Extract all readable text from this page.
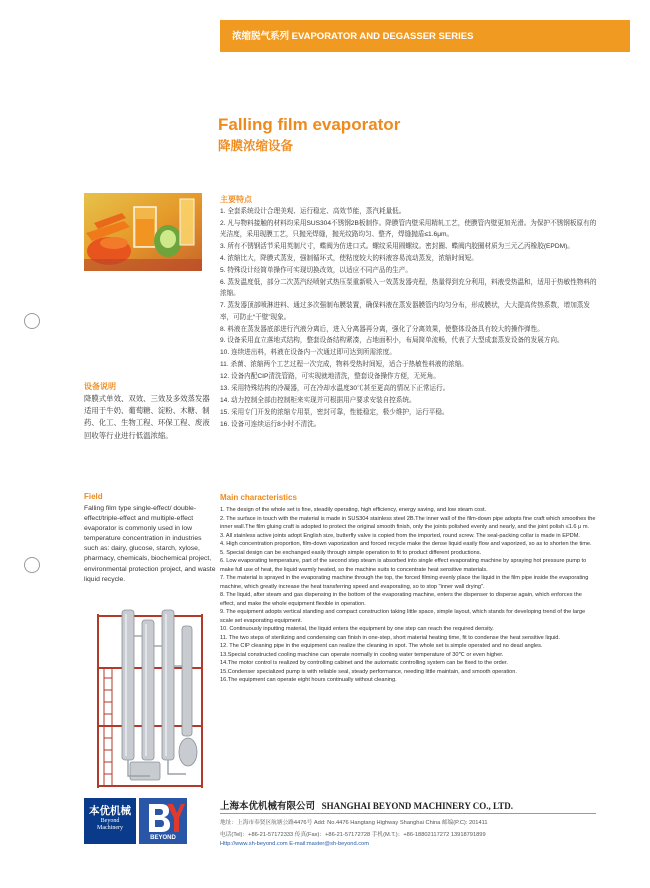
浓缩脱气系列 EVAPORATOR AND DEGASSER SERIES
Falling film evaporator
降膜浓缩设备
主要特点
1. 全套系统设计合理美观、运行稳定、高效节能，蒸汽耗量低。
2. 凡与物料接触的材料均采用SUS304不锈钢2B板制作。降膜管内壁采用精轧工艺，使膜管内壁更加光滑。为保护不锈钢板原有的光洁度，采用现膜工艺，只抛光焊缝，抛光纹路均匀、整齐，焊缝抛盾≤1.6μm。
3. 所有不锈钢活节采用英制尺寸，蝶阀为仿进口式。螺纹采用圆螺纹。密封圈、蝶阀内胶圈材质为三元乙丙橡胶(EPDM)。
4. 浓缩比大，降膜式蒸发，强制循环式，使粘度较大的料液容易流动蒸发，浓缩时间短。
5. 特殊设计经简单操作可实现切换改效，以适应不同产品的生产。
6. 蒸发温度低，部分二次蒸汽经喷射式热压泵重新吸入一效蒸发器壳程，热量得到充分利用，料液受热温和，适用于热敏性物料的浓缩。
7. 蒸发器顶部喷淋进料、通过多次强制布膜装置，确保料液在蒸发器膜管内均匀分布，形成膜状，大大提高传热系数，增加蒸发率，可防止“干壁”现象。
8. 料液在蒸发器底部进行汽液分离后，进入分离器再分离，强化了分离效果，使整体设备具有较大的操作弹性。
9. 设备采用直立落地式结构，整套设备结构紧凑，占地面积小，布局简单流畅，代表了大型成套蒸发设备的发展方向。
10. 连续进出料，料液在设备内一次通过即可达到所需浓度。
11. 杀菌、浓缩两个工艺过程一次完成，物料受热时间短，适合于热敏性料液的浓缩。
12. 设备内配CIP清洗管路，可实现就地清洗，整套设备操作方便，无死角。
13. 采用特殊结构的冷凝器，可在冷却水温度30℃甚至更高的情况下正常运行。
14. 动力控制全部由控制柜来实现并可根据用户要求安装自控系统。
15. 采用专门开发的浓缩专用泵，密封可靠，性能稳定，极少维护，运行平稳。
16. 设备可连续运行8小时不清洗。
设备说明
降膜式单效、双效、三效及多效蒸发器适用于牛奶、葡萄糖、淀粉、木糖、制药、化工、生物工程、环保工程、废液回收等行业进行低温浓缩。
Field
Falling film type single-effect/ double-effect/triple-effect and multiple-effect evaporator is commonly used in low temperature concentration in industries such as: dairy, glucose, starch, xylose, pharmacy, chemicals, biochemical project, environmental protection project, and waste liquid recycle.
Main characteristics
1. The design of the whole set is fine, steadily operating, high efficiency, energy saving, and low steam cost.
2. The surface in touch with the material is made in SUS304 stainless steel 2B.The inner wall of the film-down pipe adopts fine craft which smoothes the inner wall.The film gluing craft is adopted to protect the original smooth finish, only the joints polished evenly and nearly, and the joint polish ≤1.6 μ m.
3. All stainless active joints adopt English size, butterfly valve is copied from the imported, round screw. The seal-packing collar is made in EPDM.
4. High concentration proportion, film-down vaporization and forced recycle make the dense liquid easily flow and vaporized, so as to shorten the time.
5. Special design can be exchanged easily through simple operation to fit to product different productions.
6. Low evaporating temperature, part of the second step steam is absorbed into single effect evaporating machine by spraying hot pressure pump to make full use of heat, the liquid warmly heated, so the machine suits to concentrate heat sensitive materials.
7. The material is sprayed in the evaporating machine through the top, the forced filming evenly place the liquid in the film pipe inside the evaporating machine, which greatly increase the heat transferring speed and evaporating, so to stop "inner wall drying".
8. The liquid, after steam and gas dispensing in the bottom of the evaporating machine, enters the dispenser to disperse again, which enforces the effect, and make the whole equipment flexible in operation.
9. The equipment adopts vertical standing and compact construction taking little space, simple layout, which stands for developing trend of the large scale set evaporating equipment.
10. Continuously inputting material, the liquid enters the equipment by one step can reach the required density.
11. The two steps of sterilizing and condensing can finish in one-step, short material heating time, fit to condense the heat sensitive liquid.
12. The CIP cleaning pipe in the equipment can realize the cleaning in spot. The whole set is simple operated and no dead angles.
13.Special constructed cooling machine can operate normally in cooling water temperature of 30℃ or even higher.
14.The motor control is realized by controlling cabinet and the automatic controlling system can be fixed to the order.
15.Condenser specialized pump is with reliable seal, steady performance, needing little maintain, and smooth operation.
16.The equipment can operate eight hours continually without cleaning.
本优机械
Beyond
Machinery
BEYOND
上海本优机械有限公司 SHANGHAI BEYOND MACHINERY CO., LTD.
地址：上海市奉贤区航塘公路4476号 Add: No.4476 Hangtang Highway Shanghai China 邮编(P.C): 201411
电话(Tel)：+86-21-57172333 传真(Fax)：+86-21-57172728 手机(M.T.)：+86-18802117272 13918791899
Http://www.sh-beyond.com E-mail:master@sh-beyond.com
